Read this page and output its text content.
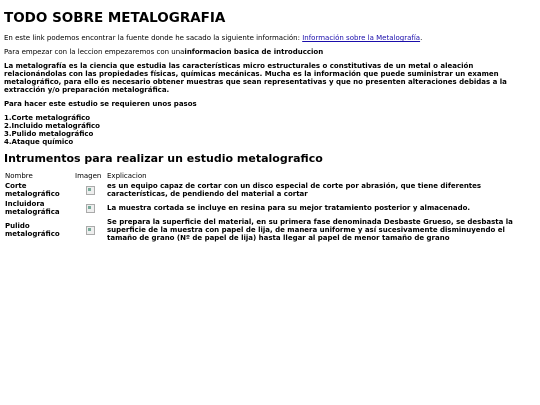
TODO SOBRE METALOGRAFIA

En este link podemos encontrar la fuente donde he sacado la siguiente información: Información sobre la Metalografía.

Para empezar con la leccion empezaremos con unainformacion basica de introduccion

La metalografía es la ciencia que estudia las características micro estructurales o constitutivas de un metal o aleación relacionándolas con las propiedades físicas, químicas mecánicas. Mucha es la información que puede suministrar un examen metalográfico, para ello es necesario obtener muestras que sean representativas y que no presenten alteraciones debidas a la extracción y/o preparación metalográfica.

Para hacer este estudio se requieren unos pasos

1.Corte metalográfico
2.Incluido metalográfico
3.Pulido metalográfico
4.Ataque químico
Intrumentos para realizar un estudio metalografico
Nombre	Imagen	Explicacion
Corte metalográfico		es un equipo capaz de cortar con un disco especial de corte por abrasión, que tiene diferentes características, de pendiendo del material a cortar
Incluidora metalográfica		La muestra cortada se incluye en resina para su mejor tratamiento posterior y almacenado.
Pulido metalográfico		Se prepara la superficie del material, en su primera fase denominada Desbaste Grueso, se desbasta la superficie de la muestra con papel de lija, de manera uniforme y así sucesivamente disminuyendo el tamaño de grano (Nº de papel de lija) hasta llegar al papel de menor tamaño de grano
